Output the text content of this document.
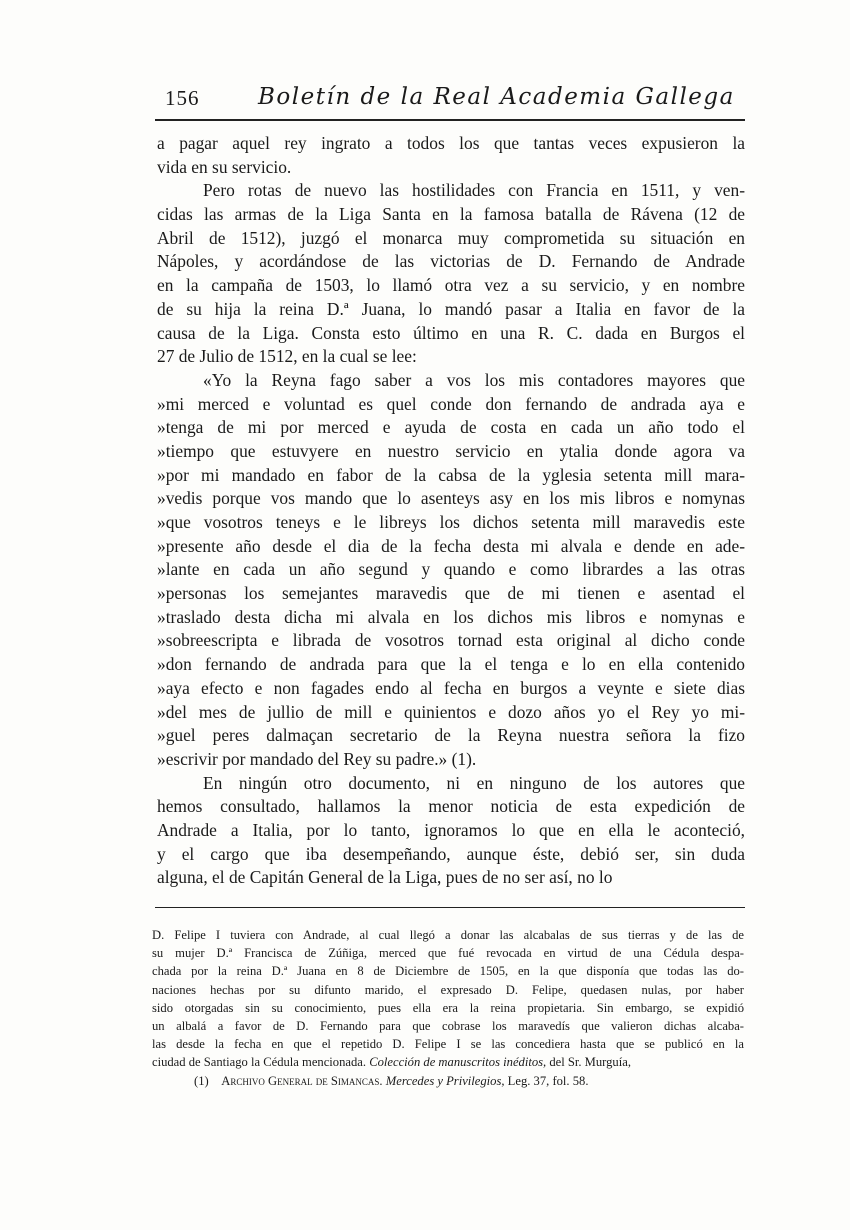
156	Boletín de la Real Academia Gallega
a pagar aquel rey ingrato a todos los que tantas veces expusieron la
vida en su servicio.
Pero rotas de nuevo las hostilidades con Francia en 1511, y ven-
cidas las armas de la Liga Santa en la famosa batalla de Rávena (12 de
Abril de 1512), juzgó el monarca muy comprometida su situación en
Nápoles, y acordándose de las victorias de D. Fernando de Andrade
en la campaña de 1503, lo llamó otra vez a su servicio, y en nombre
de su hija la reina D.ª Juana, lo mandó pasar a Italia en favor de la
causa de la Liga. Consta esto último en una R. C. dada en Burgos el
27 de Julio de 1512, en la cual se lee:
«Yo la Reyna fago saber a vos los mis contadores mayores que
»mi merced e voluntad es quel conde don fernando de andrada aya e
»tenga de mi por merced e ayuda de costa en cada un año todo el
»tiempo que estuvyere en nuestro servicio en ytalia donde agora va
»por mi mandado en fabor de la cabsa de la yglesia setenta mill mara-
»vedis porque vos mando que lo asenteys asy en los mis libros e nomynas
»que vosotros teneys e le libreys los dichos setenta mill maravedis este
»presente año desde el dia de la fecha desta mi alvala e dende en ade-
»lante en cada un año segund y quando e como librardes a las otras
»personas los semejantes maravedis que de mi tienen e asentad el
»traslado desta dicha mi alvala en los dichos mis libros e nomynas e
»sobreescripta e librada de vosotros tornad esta original al dicho conde
»don fernando de andrada para que la el tenga e lo en ella contenido
»aya efecto e non fagades endo al fecha en burgos a veynte e siete dias
»del mes de jullio de mill e quinientos e dozo años yo el Rey yo mi-
»guel peres dalmaçan secretario de la Reyna nuestra señora la fizo
»escrivir por mandado del Rey su padre.» (1).
En ningún otro documento, ni en ninguno de los autores que
hemos consultado, hallamos la menor noticia de esta expedición de
Andrade a Italia, por lo tanto, ignoramos lo que en ella le aconteció,
y el cargo que iba desempeñando, aunque éste, debió ser, sin duda
alguna, el de Capitán General de la Liga, pues de no ser así, no lo
D. Felipe I tuviera con Andrade, al cual llegó a donar las alcabalas de sus tierras y de las de
su mujer D.ª Francisca de Zúñiga, merced que fué revocada en virtud de una Cédula despa-
chada por la reina D.ª Juana en 8 de Diciembre de 1505, en la que disponía que todas las do-
naciones hechas por su difunto marido, el expresado D. Felipe, quedasen nulas, por haber
sido otorgadas sin su conocimiento, pues ella era la reina propietaria. Sin embargo, se expidió
un albalá a favor de D. Fernando para que cobrase los maravedís que valieron dichas alcaba-
las desde la fecha en que el repetido D. Felipe I se las concediera hasta que se publicó en la
ciudad de Santiago la Cédula mencionada. Colección de manuscritos inéditos, del Sr. Murguía,
(1) Archivo General de Simancas. Mercedes y Privilegios, Leg. 37, fol. 58.
